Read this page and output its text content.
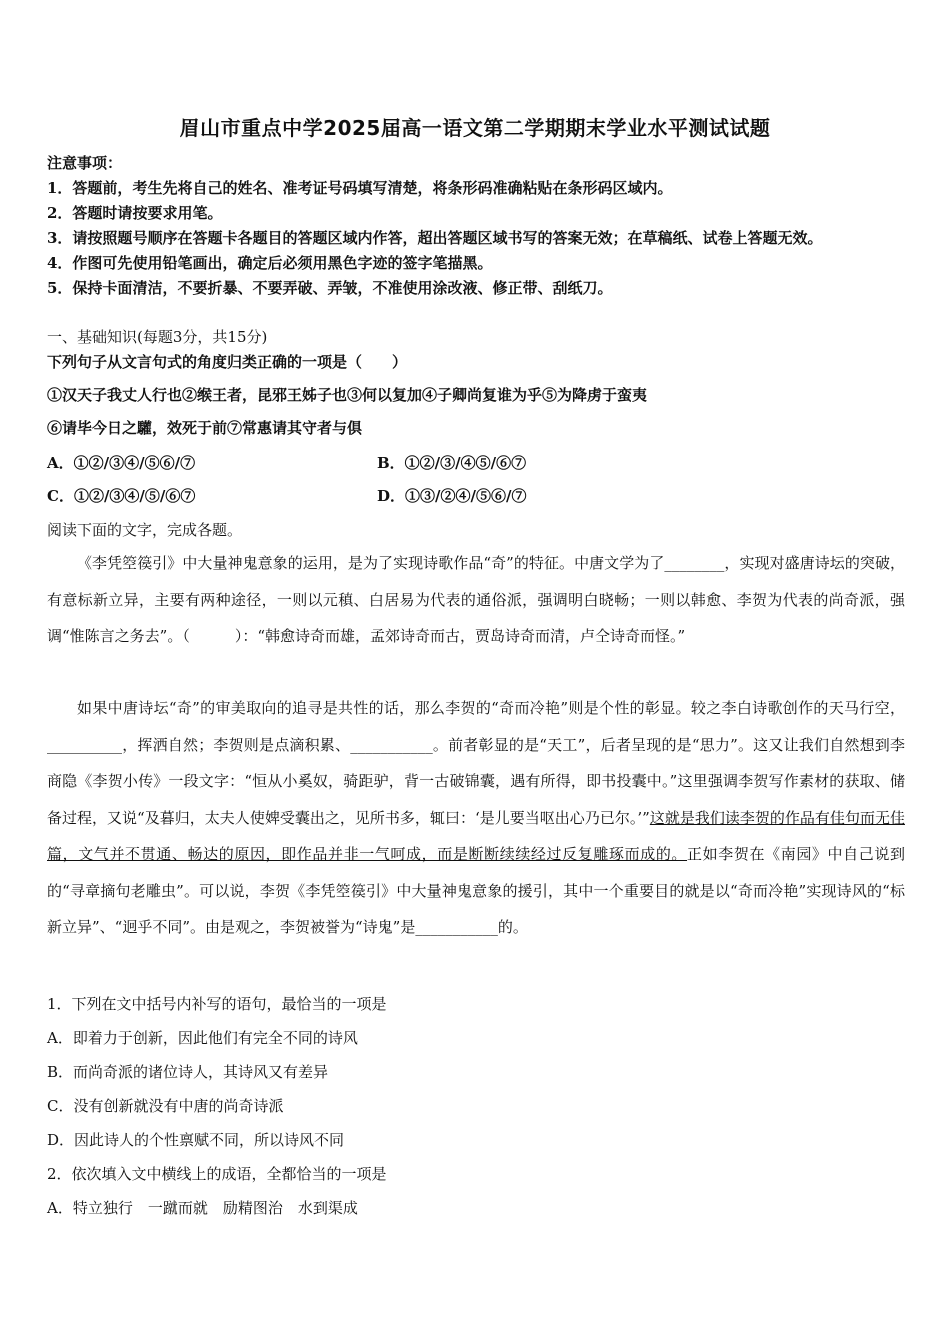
眉山市重点中学2025届高一语文第二学期期末学业水平测试试题
注意事项：
1．答题前，考生先将自己的姓名、准考证号码填写清楚，将条形码准确粘贴在条形码区域内。
2．答题时请按要求用笔。
3．请按照题号顺序在答题卡各题目的答题区域内作答，超出答题区域书写的答案无效；在草稿纸、试卷上答题无效。
4．作图可先使用铅笔画出，确定后必须用黑色字迹的签字笔描黑。
5．保持卡面清洁，不要折暴、不要弄破、弄皱，不准使用涂改液、修正带、刮纸刀。
一、基础知识(每题3分，共15分)
下列句子从文言句式的角度归类正确的一项是（　　）
①汉天子我丈人行也②缑王者，昆邪王姊子也③何以复加④子卿尚复谁为乎⑤为降虏于蛮夷
⑥请毕今日之驩，效死于前⑦常惠请其守者与俱
A．①②/③④/⑤⑥/⑦	B．①②/③/④⑤/⑥⑦
C．①②/③④/⑤/⑥⑦	D．①③/②④/⑤⑥/⑦
阅读下面的文字，完成各题。
《李凭箜篌引》中大量神鬼意象的运用，是为了实现诗歌作品“奇”的特征。中唐文学为了________，实现对盛唐诗坛的突破，有意标新立异，主要有两种途径，一则以元稹、白居易为代表的通俗派，强调明白晓畅；一则以韩愈、李贺为代表的尚奇派，强调“惟陈言之务去”。（　　　）：“韩愈诗奇而雄，孟郊诗奇而古，贾岛诗奇而清，卢仝诗奇而怪。”
如果中唐诗坛“奇”的审美取向的追寻是共性的话，那么李贺的“奇而冷艳”则是个性的彰显。较之李白诗歌创作的天马行空，__________，挥洒自然；李贺则是点滴积累、___________。前者彰显的是“天工”，后者呈现的是“思力”。这又让我们自然想到李商隐《李贺小传》一段文字：“恒从小奚奴，骑距驴，背一古破锦囊，遇有所得，即书投囊中。”这里强调李贺写作素材的获取、储备过程，又说“及暮归，太夫人使婢受囊出之，见所书多，辄曰：‘是儿要当呕出心乃已尔。’”这就是我们读李贺的作品有佳句而无佳篇，文气并不贯通、畅达的原因，即作品并非一气呵成，而是断断续续经过反复雕琢而成的。正如李贺在《南园》中自己说到的“寻章摘句老雕虫”。可以说，李贺《李凭箜篌引》中大量神鬼意象的援引，其中一个重要目的就是以“奇而冷艳”实现诗风的“标新立异”、“迥乎不同”。由是观之，李贺被誉为“诗鬼”是___________的。
1．下列在文中括号内补写的语句，最恰当的一项是
A．即着力于创新，因此他们有完全不同的诗风
B．而尚奇派的诸位诗人，其诗风又有差异
C．没有创新就没有中唐的尚奇诗派
D．因此诗人的个性禀赋不同，所以诗风不同
2．依次填入文中横线上的成语，全都恰当的一项是
A．特立独行　一蹴而就　励精图治　水到渠成
